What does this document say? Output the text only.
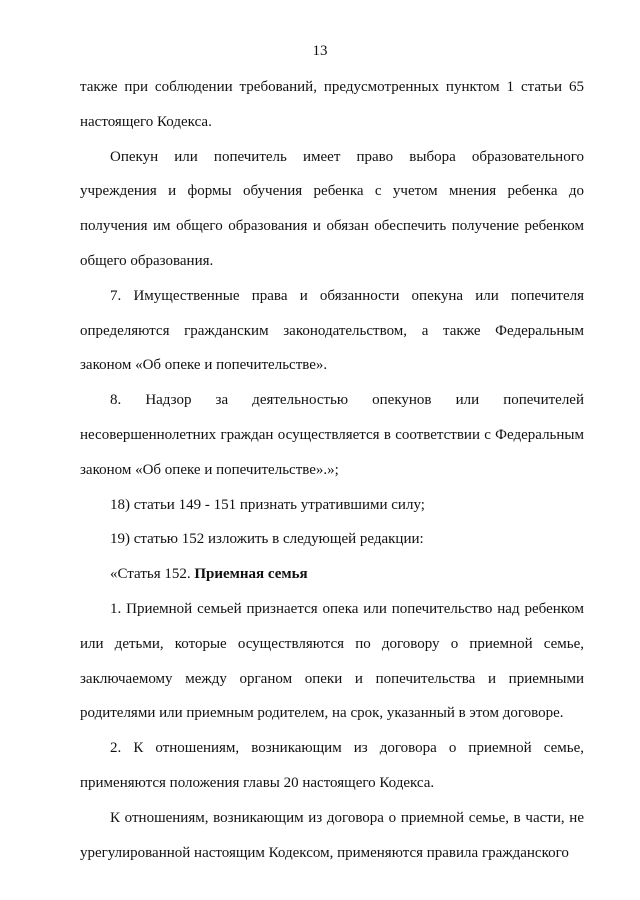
13

также при соблюдении требований, предусмотренных пунктом 1 статьи 65 настоящего Кодекса.

Опекун или попечитель имеет право выбора образовательного учреждения и формы обучения ребенка с учетом мнения ребенка до получения им общего образования и обязан обеспечить получение ребенком общего образования.

7. Имущественные права и обязанности опекуна или попечителя определяются гражданским законодательством, а также Федеральным законом «Об опеке и попечительстве».

8. Надзор за деятельностью опекунов или попечителей несовершеннолетних граждан осуществляется в соответствии с Федеральным законом «Об опеке и попечительстве».»;

18) статьи 149 - 151 признать утратившими силу;

19) статью 152 изложить в следующей редакции:

«Статья 152. Приемная семья

1. Приемной семьей признается опека или попечительство над ребенком или детьми, которые осуществляются по договору о приемной семье, заключаемому между органом опеки и попечительства и приемными родителями или приемным родителем, на срок, указанный в этом договоре.

2. К отношениям, возникающим из договора о приемной семье, применяются положения главы 20 настоящего Кодекса.

К отношениям, возникающим из договора о приемной семье, в части, не урегулированной настоящим Кодексом, применяются правила гражданского
